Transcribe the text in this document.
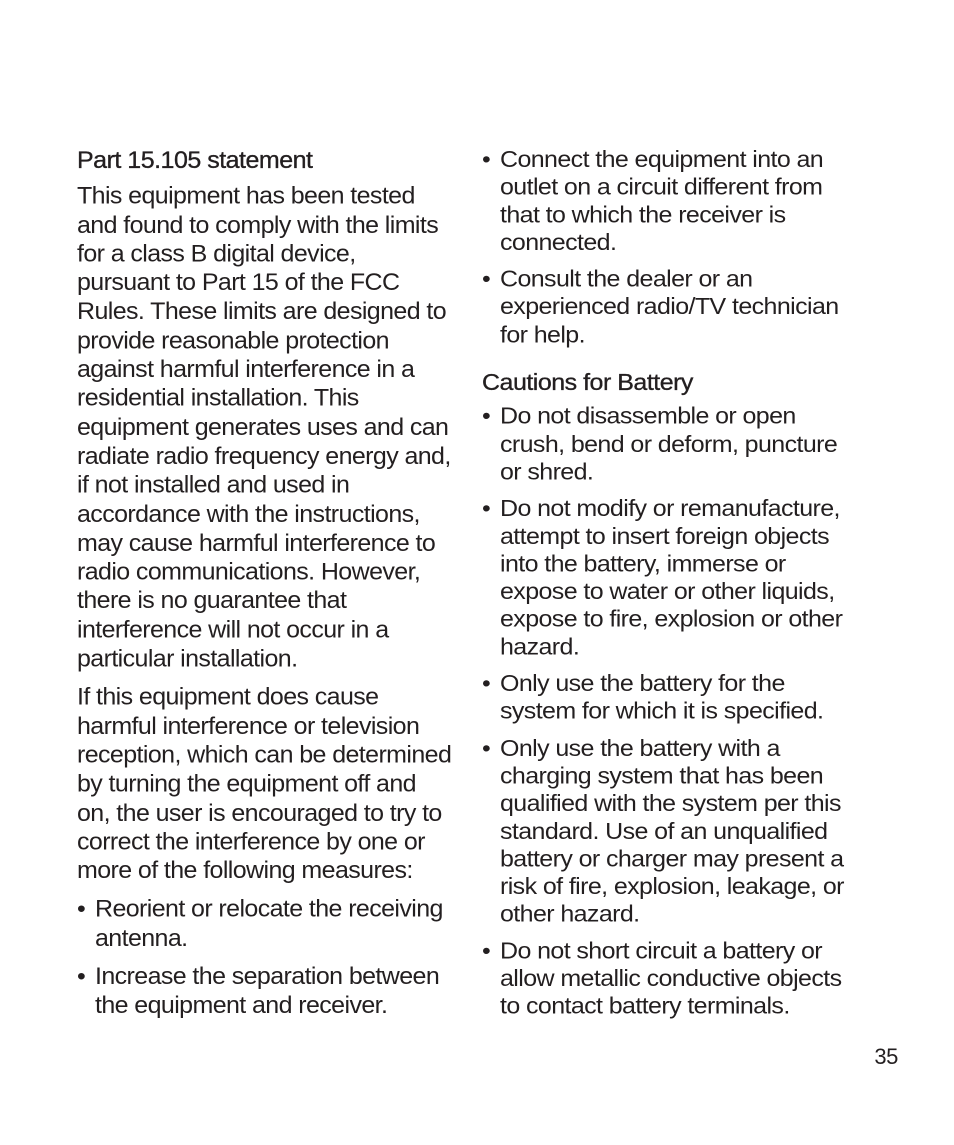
Part 15.105 statement

This equipment has been tested and found to comply with the limits for a class B digital device, pursuant to Part 15 of the FCC Rules. These limits are designed to provide reasonable protection against harmful interference in a residential installation. This equipment generates uses and can radiate radio frequency energy and, if not installed and used in accordance with the instructions, may cause harmful interference to radio communications. However, there is no guarantee that interference will not occur in a particular installation.

If this equipment does cause harmful interference or television reception, which can be determined by turning the equipment off and on, the user is encouraged to try to correct the interference by one or more of the following measures:

• Reorient or relocate the receiving antenna.
• Increase the separation between the equipment and receiver.
• Connect the equipment into an outlet on a circuit different from that to which the receiver is connected.
• Consult the dealer or an experienced radio/TV technician for help.
Cautions for Battery
• Do not disassemble or open crush, bend or deform, puncture or shred.
• Do not modify or remanufacture, attempt to insert foreign objects into the battery, immerse or expose to water or other liquids, expose to fire, explosion or other hazard.
• Only use the battery for the system for which it is specified.
• Only use the battery with a charging system that has been qualified with the system per this standard. Use of an unqualified battery or charger may present a risk of fire, explosion, leakage, or other hazard.
• Do not short circuit a battery or allow metallic conductive objects to contact battery terminals.
35
